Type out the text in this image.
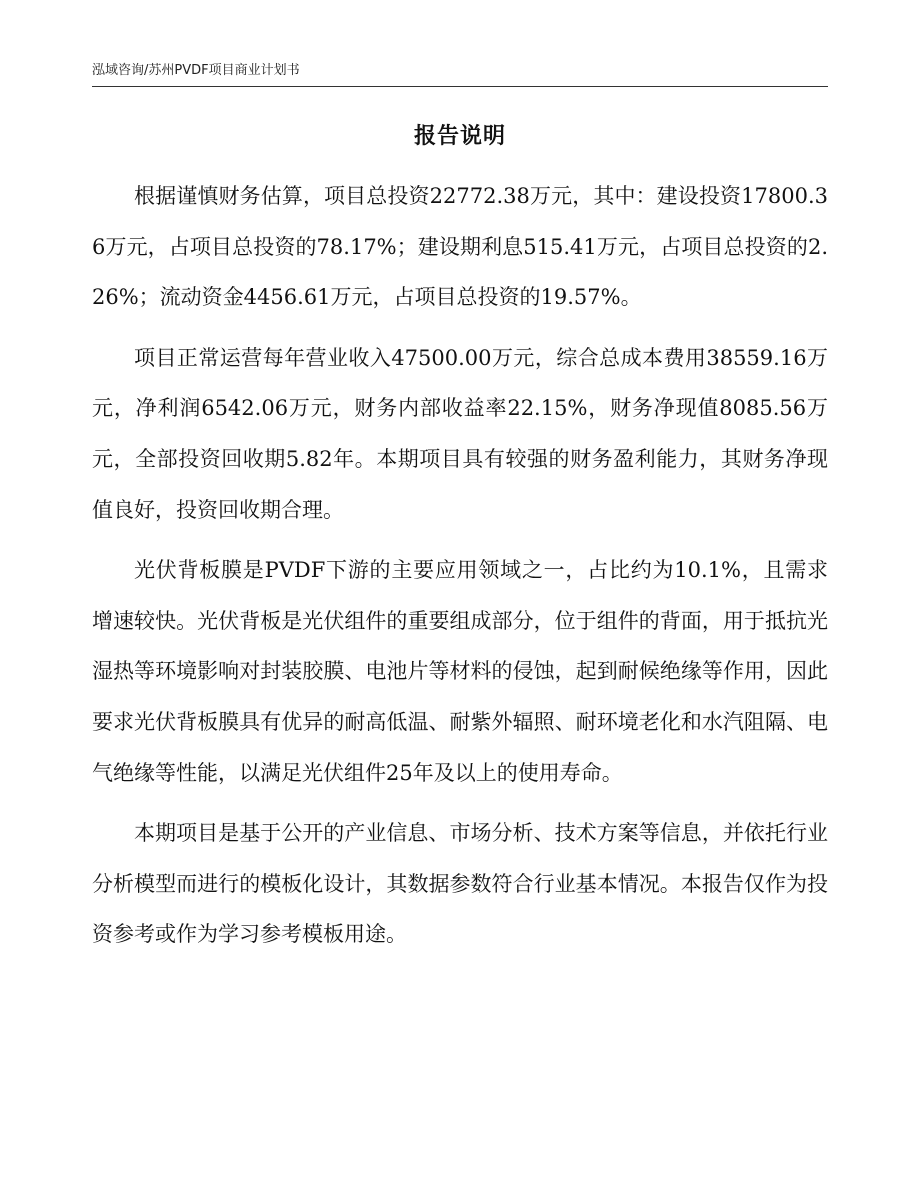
泓域咨询/苏州PVDF项目商业计划书
报告说明

根据谨慎财务估算，项目总投资22772.38万元，其中：建设投资17800.36万元，占项目总投资的78.17%；建设期利息515.41万元，占项目总投资的2.26%；流动资金4456.61万元，占项目总投资的19.57%。

项目正常运营每年营业收入47500.00万元，综合总成本费用38559.16万元，净利润6542.06万元，财务内部收益率22.15%，财务净现值8085.56万元，全部投资回收期5.82年。本期项目具有较强的财务盈利能力，其财务净现值良好，投资回收期合理。

光伏背板膜是PVDF下游的主要应用领域之一，占比约为10.1%，且需求增速较快。光伏背板是光伏组件的重要组成部分，位于组件的背面，用于抵抗光湿热等环境影响对封装胶膜、电池片等材料的侵蚀，起到耐候绝缘等作用，因此要求光伏背板膜具有优异的耐高低温、耐紫外辐照、耐环境老化和水汽阻隔、电气绝缘等性能，以满足光伏组件25年及以上的使用寿命。

本期项目是基于公开的产业信息、市场分析、技术方案等信息，并依托行业分析模型而进行的模板化设计，其数据参数符合行业基本情况。本报告仅作为投资参考或作为学习参考模板用途。
